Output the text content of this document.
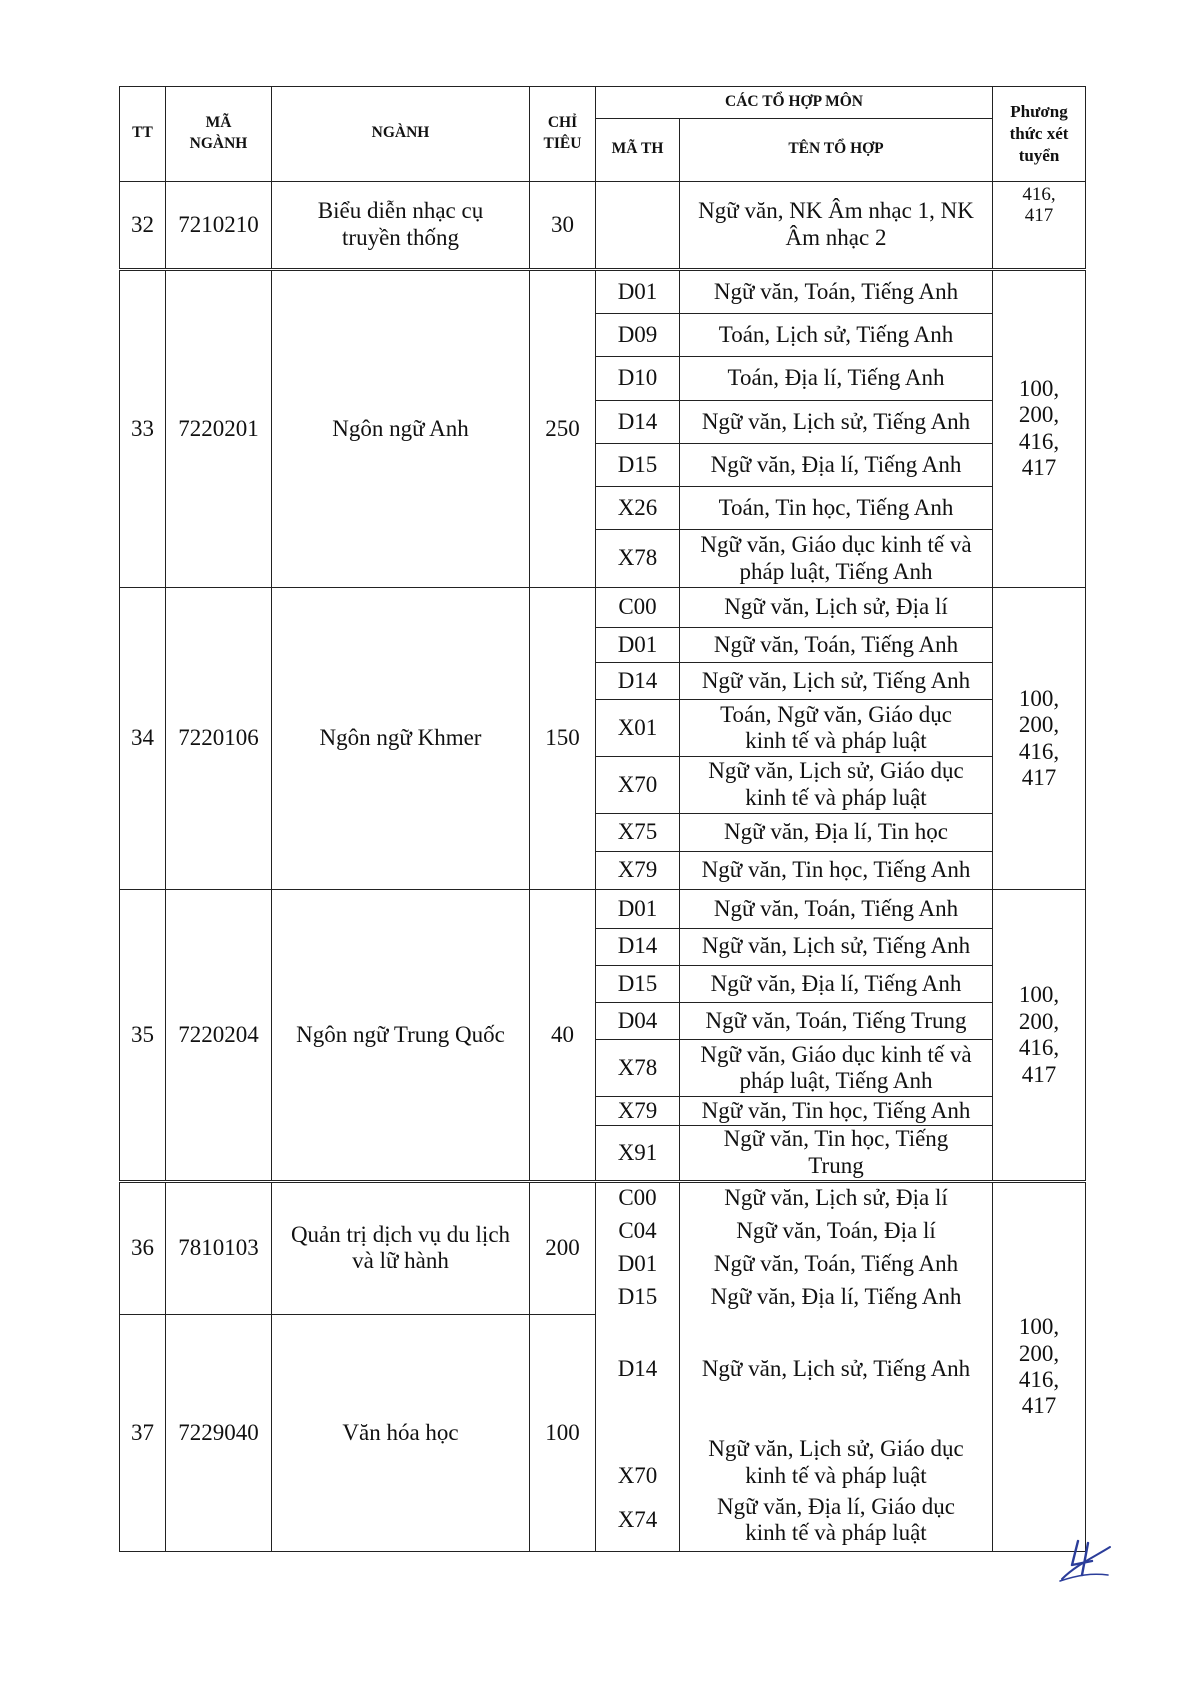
TT	MÃ NGÀNH	NGÀNH	CHỈ TIÊU	CÁC TỔ HỢP MÔN		Phương thức xét tuyển

				MÃ TH	TÊN TỔ HỢP	
32	7210210	Biểu diễn nhạc cụ truyền thống	30		Ngữ văn, NK Âm nhạc 1, NK Âm nhạc 2	416, 417

33	7220201	Ngôn ngữ Anh	250	D01	Ngữ văn, Toán, Tiếng Anh	100, 200, 416, 417

				D09	Toán, Lịch sử, Tiếng Anh	
				D10	Toán, Địa lí, Tiếng Anh	
				D14	Ngữ văn, Lịch sử, Tiếng Anh	
				D15	Ngữ văn, Địa lí, Tiếng Anh	
				X26	Toán, Tin học, Tiếng Anh	
				X78	Ngữ văn, Giáo dục kinh tế và pháp luật, Tiếng Anh	

34	7220106	Ngôn ngữ Khmer	150	C00	Ngữ văn, Lịch sử, Địa lí	100, 200, 416, 417

				D01	Ngữ văn, Toán, Tiếng Anh	
				D14	Ngữ văn, Lịch sử, Tiếng Anh	
				X01	Toán, Ngữ văn, Giáo dục kinh tế và pháp luật	

				X70	Ngữ văn, Lịch sử, Giáo dục kinh tế và pháp luật	

				X75	Ngữ văn, Địa lí, Tin học	
				X79	Ngữ văn, Tin học, Tiếng Anh	
35	7220204	Ngôn ngữ Trung Quốc	40	D01	Ngữ văn, Toán, Tiếng Anh	100, 200, 416, 417

				D14	Ngữ văn, Lịch sử, Tiếng Anh	
				D15	Ngữ văn, Địa lí, Tiếng Anh	
				D04	Ngữ văn, Toán, Tiếng Trung	
				X78	Ngữ văn, Giáo dục kinh tế và pháp luật, Tiếng Anh	

				X79	Ngữ văn, Tin học, Tiếng Anh	
				X91	Ngữ văn, Tin học, Tiếng Trung	

36	7810103	Quản trị dịch vụ du lịch và lữ hành	200	C00	Ngữ văn, Lịch sử, Địa lí	100, 200, 416, 417

				C04	Ngữ văn, Toán, Địa lí	
				D01	Ngữ văn, Toán, Tiếng Anh	
				D15	Ngữ văn, Địa lí, Tiếng Anh	
37	7229040	Văn hóa học	100	D14	Ngữ văn, Lịch sử, Tiếng Anh	
				X70	Ngữ văn, Lịch sử, Giáo dục kinh tế và pháp luật	

				X74	Ngữ văn, Địa lí, Giáo dục kinh tế và pháp luật	
